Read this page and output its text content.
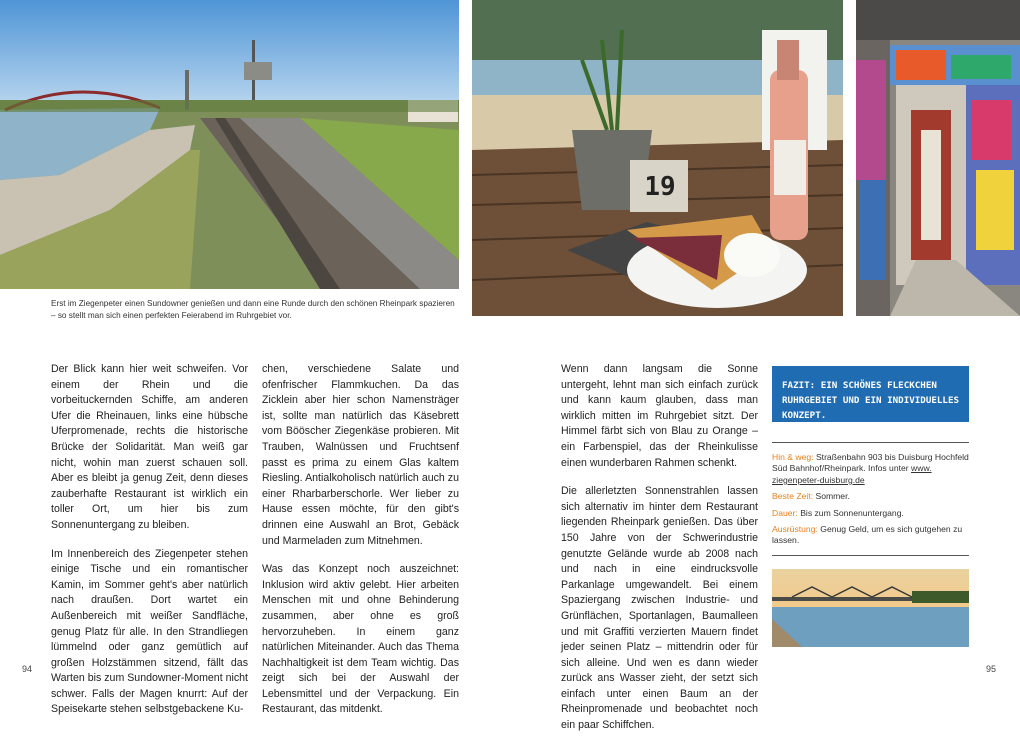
19
Erst im Ziegenpeter einen Sundowner genießen und dann eine Runde durch den schönen Rheinpark spazieren – so stellt man sich einen perfekten Feierabend im Ruhrgebiet vor.

Der Blick kann hier weit schweifen. Vor einem der Rhein und die vorbeituckernden Schiffe, am anderen Ufer die Rheinauen, links eine hübsche Uferpromenade, rechts die historische Brücke der Solidarität. Man weiß gar nicht, wohin man zuerst schauen soll. Aber es bleibt ja genug Zeit, denn dieses zauberhafte Restaurant ist wirklich ein toller Ort, um hier bis zum Sonnenuntergang zu bleiben.

Im Innenbereich des Ziegenpeter stehen einige Tische und ein romantischer Kamin, im Sommer geht's aber natürlich nach draußen. Dort wartet ein Außenbereich mit weißer Sandfläche, genug Platz für alle. In den Strandliegen lümmelnd oder ganz gemütlich auf großen Holzstämmen sitzend, fällt das Warten bis zum Sundowner-Moment nicht schwer. Falls der Magen knurrt: Auf der Speisekarte stehen selbstgebackene Ku-

chen, verschiedene Salate und ofenfrischer Flammkuchen. Da das Zicklein aber hier schon Namensträger ist, sollte man natürlich das Käsebrett vom Bööscher Ziegenkäse probieren. Mit Trauben, Walnüssen und Fruchtsenf passt es prima zu einem Glas kaltem Riesling. Antialkoholisch natürlich auch zu einer Rharbarberschorle. Wer lieber zu Hause essen möchte, für den gibt's drinnen eine Auswahl an Brot, Gebäck und Marmeladen zum Mitnehmen.

Was das Konzept noch auszeichnet: Inklusion wird aktiv gelebt. Hier arbeiten Menschen mit und ohne Behinderung zusammen, aber ohne es groß hervorzuheben. In einem ganz natürlichen Miteinander. Auch das Thema Nachhaltigkeit ist dem Team wichtig. Das zeigt sich bei der Auswahl der Lebensmittel und der Verpackung. Ein Restaurant, das mitdenkt.

Wenn dann langsam die Sonne untergeht, lehnt man sich einfach zurück und kann kaum glauben, dass man wirklich mitten im Ruhrgebiet sitzt. Der Himmel färbt sich von Blau zu Orange – ein Farbenspiel, das der Rheinkulisse einen wunderbaren Rahmen schenkt.

Die allerletzten Sonnenstrahlen lassen sich alternativ im hinter dem Restaurant liegenden Rheinpark genießen. Das über 150 Jahre von der Schwerindustrie genutzte Gelände wurde ab 2008 nach und nach in eine eindrucksvolle Parkanlage umgewandelt. Bei einem Spaziergang zwischen Industrie- und Grünflächen, Sportanlagen, Baumalleen und mit Graffiti verzierten Mauern findet jeder seinen Platz – mittendrin oder für sich alleine. Und wen es dann wieder zurück ans Wasser zieht, der setzt sich einfach unter einen Baum an der Rheinpromenade und beobachtet noch ein paar Schiffchen.

FAZIT: EIN SCHÖNES FLECKCHEN RUHRGEBIET UND EIN INDIVIDUELLES KONZEPT.
Hin & weg: Straßenbahn 903 bis Duisburg Hochfeld Süd Bahnhof/Rheinpark. Infos unter www.
ziegenpeter-duisburg.de
Beste Zeit: Sommer.
Dauer: Bis zum Sonnenuntergang.
Ausrüstung: Genug Geld, um es sich gutgehen zu lassen.
94	95
